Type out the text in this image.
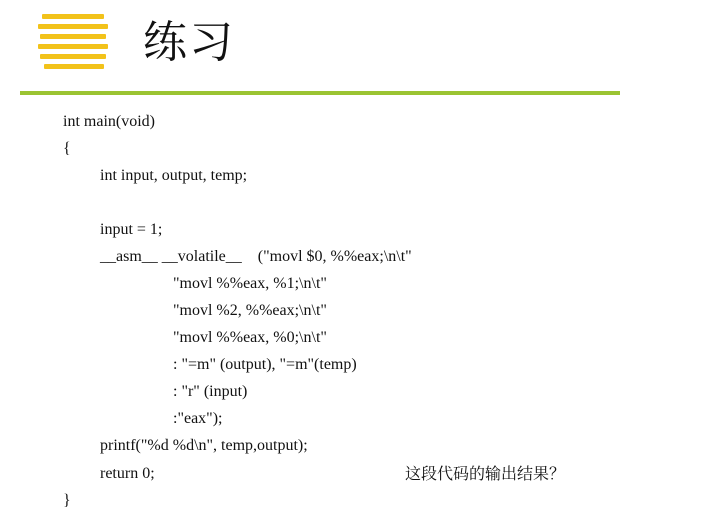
练习
int main(void)
{
int input, output, temp;
input = 1;
__asm__ __volatile__    ("movl $0, %%eax;\n\t"
"movl %%eax, %1;\n\t"
"movl %2, %%eax;\n\t"
"movl %%eax, %0;\n\t"
: "=m" (output), "=m"(temp)
: "r" (input)
:"eax");
printf("%d %d\n", temp,output);
return 0;
}
这段代码的输出结果？
